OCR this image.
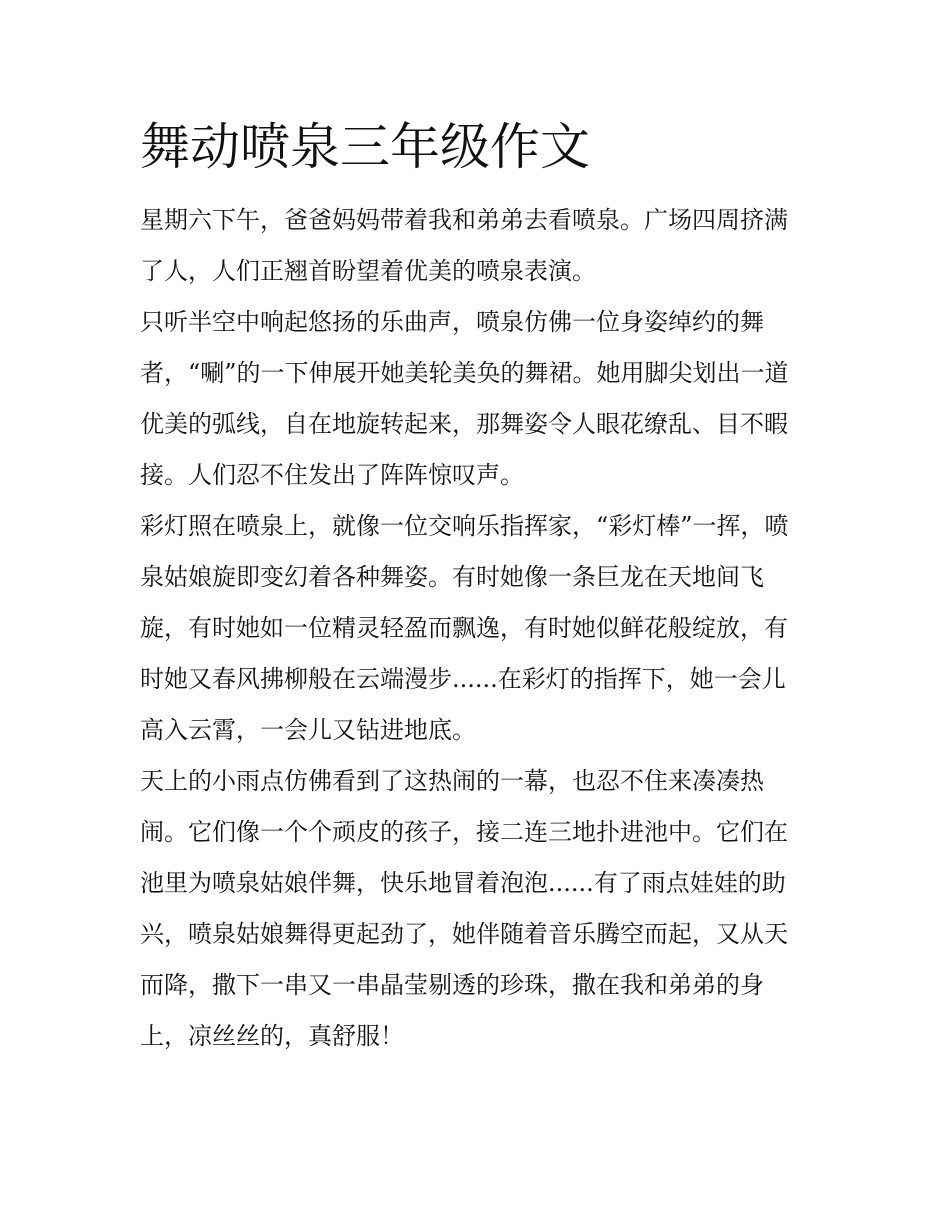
舞动喷泉三年级作文

星期六下午，爸爸妈妈带着我和弟弟去看喷泉。广场四周挤满
了人，人们正翘首盼望着优美的喷泉表演。

只听半空中响起悠扬的乐曲声，喷泉仿佛一位身姿绰约的舞
者，“唰”的一下伸展开她美轮美奂的舞裙。她用脚尖划出一道
优美的弧线，自在地旋转起来，那舞姿令人眼花缭乱、目不暇
接。人们忍不住发出了阵阵惊叹声。

彩灯照在喷泉上，就像一位交响乐指挥家，“彩灯棒”一挥，喷
泉姑娘旋即变幻着各种舞姿。有时她像一条巨龙在天地间飞
旋，有时她如一位精灵轻盈而飘逸，有时她似鲜花般绽放，有
时她又春风拂柳般在云端漫步......在彩灯的指挥下，她一会儿
高入云霄，一会儿又钻进地底。

天上的小雨点仿佛看到了这热闹的一幕，也忍不住来凑凑热
闹。它们像一个个顽皮的孩子，接二连三地扑进池中。它们在
池里为喷泉姑娘伴舞，快乐地冒着泡泡......有了雨点娃娃的助
兴，喷泉姑娘舞得更起劲了，她伴随着音乐腾空而起，又从天
而降，撒下一串又一串晶莹剔透的珍珠，撒在我和弟弟的身
上，凉丝丝的，真舒服！
